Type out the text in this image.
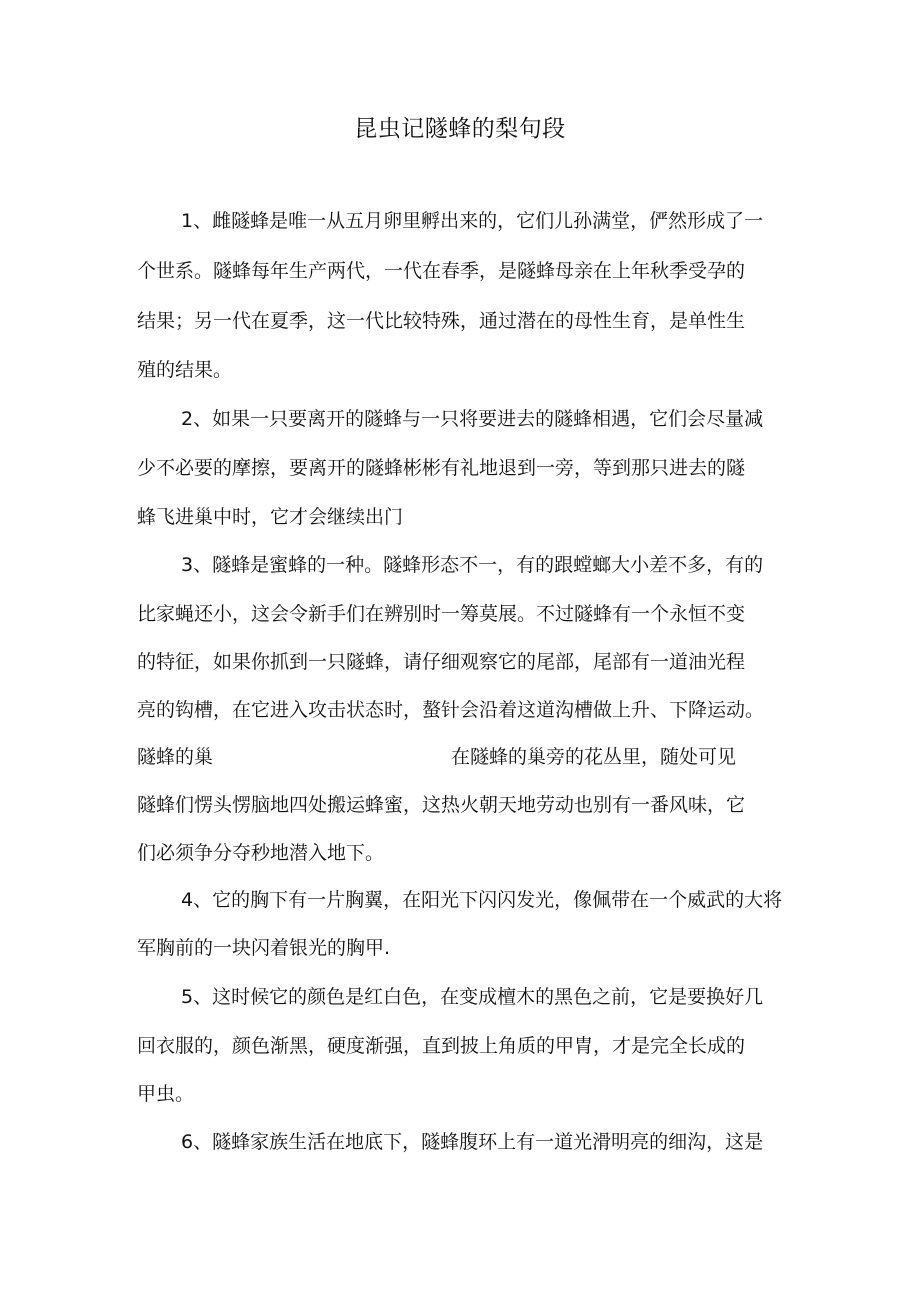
昆虫记隧蜂的梨句段
1、雌隧蜂是唯一从五月卵里孵出来的，它们儿孙满堂，俨然形成了一
个世系。隧蜂每年生产两代，一代在春季，是隧蜂母亲在上年秋季受孕的
结果；另一代在夏季，这一代比较特殊，通过潜在的母性生育，是单性生
殖的结果。
2、如果一只要离开的隧蜂与一只将要进去的隧蜂相遇，它们会尽量减
少不必要的摩擦，要离开的隧蜂彬彬有礼地退到一旁，等到那只进去的隧
蜂飞进巢中时，它才会继续出门
3、隧蜂是蜜蜂的一种。隧蜂形态不一，有的跟螳螂大小差不多，有的
比家蝇还小，这会令新手们在辨别时一筹莫展。不过隧蜂有一个永恒不变
的特征，如果你抓到一只隧蜂，请仔细观察它的尾部，尾部有一道油光程
亮的钩槽，在它进入攻击状态时，螯针会沿着这道沟槽做上升、下降运动。
隧蜂的巢	在隧蜂的巢旁的花丛里，随处可见
隧蜂们愣头愣脑地四处搬运蜂蜜，这热火朝天地劳动也别有一番风味，它
们必须争分夺秒地潜入地下。
4、它的胸下有一片胸翼，在阳光下闪闪发光，像佩带在一个威武的大将
军胸前的一块闪着银光的胸甲.
5、这时候它的颜色是红白色，在变成檀木的黑色之前，它是要换好几
回衣服的，颜色渐黑，硬度渐强，直到披上角质的甲胄，才是完全长成的
甲虫。
6、隧蜂家族生活在地底下，隧蜂腹环上有一道光滑明亮的细沟，这是
